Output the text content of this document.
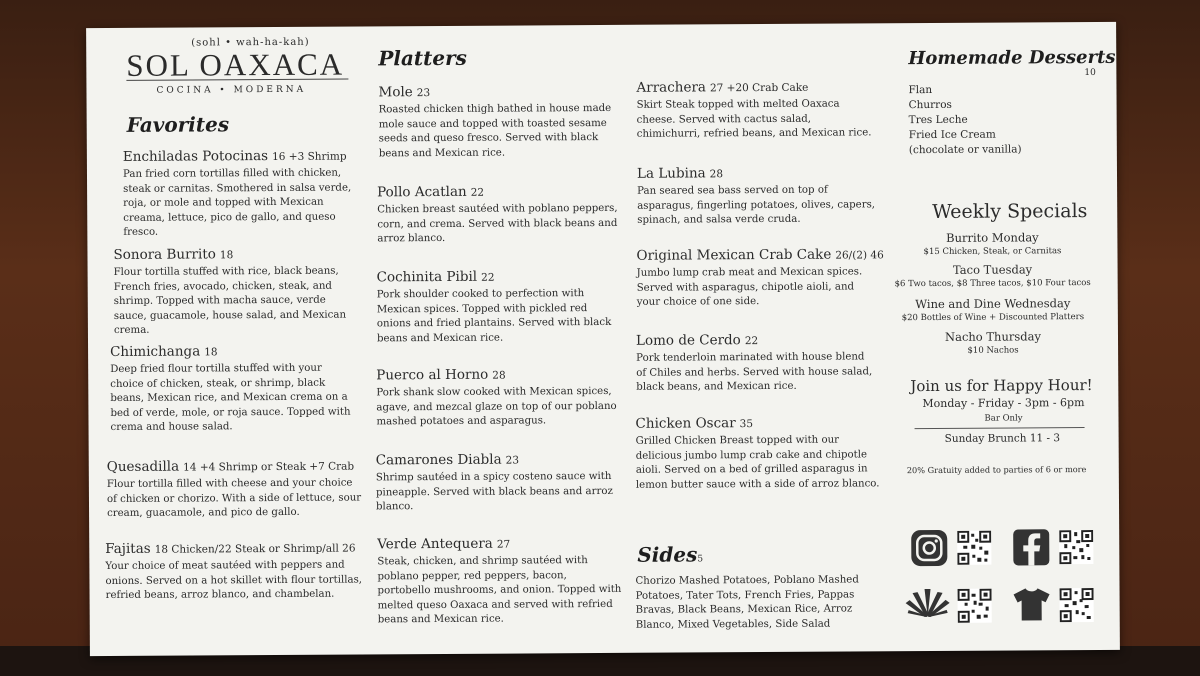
(sohl • wah-ha-kah)
SOL OAXACA
COCINA • MODERNA
Favorites
Enchiladas Potocinas 16 +3 Shrimp
Pan fried corn tortillas filled with chicken, steak or carnitas. Smothered in salsa verde, roja, or mole and topped with Mexican creama, lettuce, pico de gallo, and queso fresco.
Sonora Burrito 18
Flour tortilla stuffed with rice, black beans, French fries, avocado, chicken, steak, and shrimp. Topped with macha sauce, verde sauce, guacamole, house salad, and Mexican crema.
Chimichanga 18
Deep fried flour tortilla stuffed with your choice of chicken, steak, or shrimp, black beans, Mexican rice, and Mexican crema on a bed of verde, mole, or roja sauce. Topped with crema and house salad.
Quesadilla 14 +4 Shrimp or Steak +7 Crab
Flour tortilla filled with cheese and your choice of chicken or chorizo. With a side of lettuce, sour cream, guacamole, and pico de gallo.
Fajitas 18 Chicken/22 Steak or Shrimp/all 26
Your choice of meat sautéed with peppers and onions. Served on a hot skillet with flour tortillas, refried beans, arroz blanco, and chambelan.
Platters
Mole 23
Roasted chicken thigh bathed in house made mole sauce and topped with toasted sesame seeds and queso fresco. Served with black beans and Mexican rice.
Pollo Acatlan 22
Chicken breast sautéed with poblano peppers, corn, and crema. Served with black beans and arroz blanco.
Cochinita Pibil 22
Pork shoulder cooked to perfection with Mexican spices. Topped with pickled red onions and fried plantains. Served with black beans and Mexican rice.
Puerco al Horno 28
Pork shank slow cooked with Mexican spices, agave, and mezcal glaze on top of our poblano mashed potatoes and asparagus.
Camarones Diabla 23
Shrimp sautéed in a spicy costeno sauce with pineapple. Served with black beans and arroz blanco.
Verde Antequera 27
Steak, chicken, and shrimp sautéed with poblano pepper, red peppers, bacon, portobello mushrooms, and onion. Topped with melted queso Oaxaca and served with refried beans and Mexican rice.
Arrachera 27 +20 Crab Cake
Skirt Steak topped with melted Oaxaca cheese. Served with cactus salad, chimichurri, refried beans, and Mexican rice.
La Lubina 28
Pan seared sea bass served on top of asparagus, fingerling potatoes, olives, capers, spinach, and salsa verde cruda.
Original Mexican Crab Cake 26/(2) 46
Jumbo lump crab meat and Mexican spices. Served with asparagus, chipotle aioli, and your choice of one side.
Lomo de Cerdo 22
Pork tenderloin marinated with house blend of Chiles and herbs. Served with house salad, black beans, and Mexican rice.
Chicken Oscar 35
Grilled Chicken Breast topped with our delicious jumbo lump crab cake and chipotle aioli. Served on a bed of grilled asparagus in lemon butter sauce with a side of arroz blanco.
Sides 5
Chorizo Mashed Potatoes, Poblano Mashed Potatoes, Tater Tots, French Fries, Pappas Bravas, Black Beans, Mexican Rice, Arroz Blanco, Mixed Vegetables, Side Salad
Homemade Desserts
10
Flan
Churros
Tres Leche
Fried Ice Cream
(chocolate or vanilla)
Weekly Specials
Burrito Monday
$15 Chicken, Steak, or Carnitas
Taco Tuesday
$6 Two tacos, $8 Three tacos, $10 Four tacos
Wine and Dine Wednesday
$20 Bottles of Wine + Discounted Platters
Nacho Thursday
$10 Nachos
Join us for Happy Hour!
Monday - Friday - 3pm - 6pm
Bar Only
Sunday Brunch 11 - 3
20% Gratuity added to parties of 6 or more
